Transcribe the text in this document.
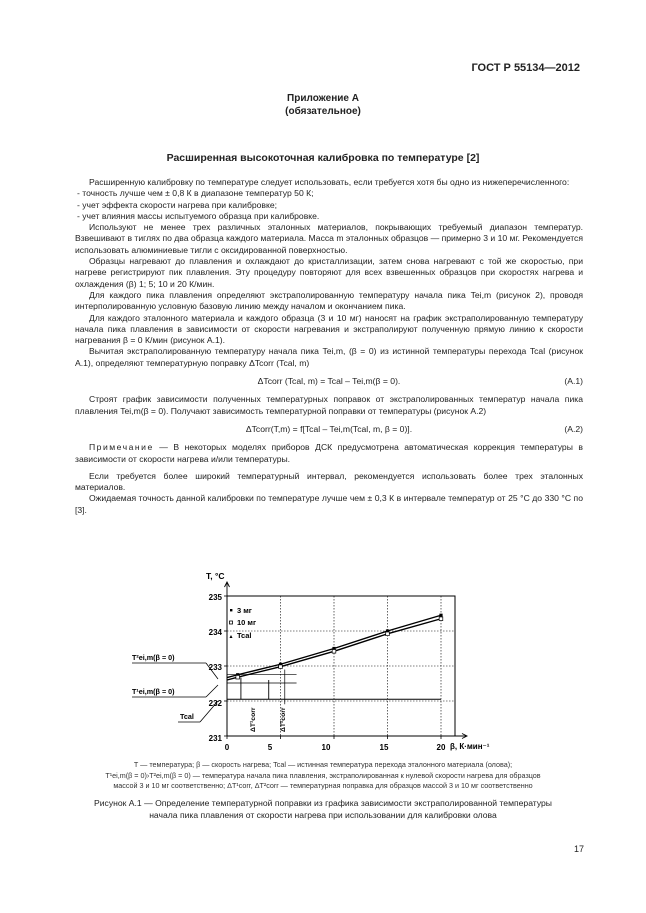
ГОСТ Р 55134—2012
Приложение А
(обязательное)
Расширенная высокоточная калибровка по температуре [2]

Расширенную калибровку по температуре следует использовать, если требуется хотя бы одно из нижеперечисленного:

- точность лучше чем ± 0,8 К в диапазоне температур 50 К;

- учет эффекта скорости нагрева при калибровке;

- учет влияния массы испытуемого образца при калибровке.

Используют не менее трех различных эталонных материалов, покрывающих требуемый диапазон температур. Взвешивают в тиглях по два образца каждого материала. Масса m эталонных образцов — примерно 3 и 10 мг. Рекомендуется использовать алюминиевые тигли с оксидированной поверхностью.

Образцы нагревают до плавления и охлаждают до кристаллизации, затем снова нагревают с той же скоростью, при нагреве регистрируют пик плавления. Эту процедуру повторяют для всех взвешенных образцов при скоростях нагрева и охлаждения (β) 1; 5; 10 и 20 К/мин.

Для каждого пика плавления определяют экстраполированную температуру начала пика Tei,m (рисунок 2), проводя интерполированную условную базовую линию между началом и окончанием пика.

Для каждого эталонного материала и каждого образца (3 и 10 мг) наносят на график экстраполированную температуру начала пика плавления в зависимости от скорости нагревания и экстраполируют полученную прямую линию к скорости нагревания β = 0 К/мин (рисунок А.1).

Вычитая экстраполированную температуру начала пика Tei,m, (β = 0) из истинной температуры перехода Tcal (рисунок А.1), определяют температурную поправку ΔTcorr (Tcal, m)

ΔTcorr (Tcal, m) = Tcal – Tei,m(β = 0).	(А.1)

Строят график зависимости полученных температурных поправок от экстраполированных температур начала пика плавления Tei,m(β = 0). Получают зависимость температурной поправки от температуры (рисунок А.2)

ΔTcorr(T,m) = f[Tcal – Tei,m(Tcal, m, β = 0)].	(А.2)

Примечание — В некоторых моделях приборов ДСК предусмотрена автоматическая коррекция температуры в зависимости от скорости нагрева и/или температуры.

Если требуется более широкий температурный интервал, рекомендуется использовать более трех эталонных материалов.

Ожидаемая точность данной калибровки по температуре лучше чем ± 0,3 К в интервале температур от 25 °С до 330 °С по [3].

T, °C
β, К·мин⁻¹
0	5	10	15	20
231
232
233
234
235
3 мг
10 мг
Tcal
T²ei,m(β = 0)
T¹ei,m(β = 0)
Tcal	ΔT¹corr	ΔT²corr
T — температура; β — скорость нагрева; Tcal — истинная температура перехода эталонного материала (олова);
T¹ei,m(β = 0)›T²ei,m(β = 0) — температура начала пика плавления, экстраполированная к нулевой скорости нагрева для образцов
массой 3 и 10 мг соответственно; ΔT¹corr, ΔT²corr — температурная поправка для образцов массой 3 и 10 мг соответственно
Рисунок А.1 — Определение температурной поправки из графика зависимости экстраполированной температуры
начала пика плавления от скорости нагрева при использовании для калибровки олова
17
